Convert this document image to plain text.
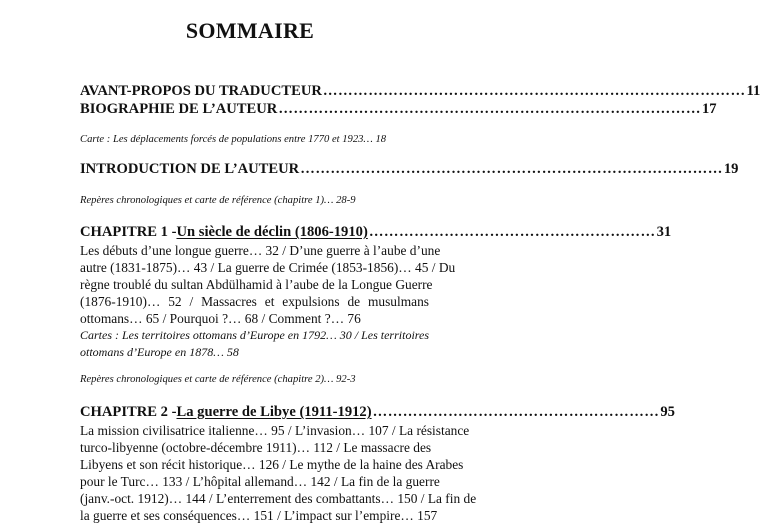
SOMMAIRE
AVANT-PROPOS DU TRADUCTEUR ………………………………………………………………………… 11
BIOGRAPHIE DE L’AUTEUR ………………………………………………………………………… 17
Carte : Les déplacements forcés de populations entre 1770 et 1923… 18
INTRODUCTION DE L’AUTEUR ………………………………………………………………………… 19
Repères chronologiques et carte de référence (chapitre 1)… 28-9
CHAPITRE 1 - Un siècle de déclin (1806-1910) ………………………………………………… 31
Les débuts d’une longue guerre… 32 / D’une guerre à l’aube d’une
autre (1831-1875)… 43 / La guerre de Crimée (1853-1856)… 45 / Du
règne troublé du sultan Abdülhamid à l’aube de la Longue Guerre
(1876-1910)… 52 / Massacres et expulsions de musulmans
ottomans… 65 / Pourquoi ?… 68 / Comment ?… 76
Cartes : Les territoires ottomans d’Europe en 1792… 30 / Les territoires
ottomans d’Europe en 1878… 58
Repères chronologiques et carte de référence (chapitre 2)… 92-3
CHAPITRE 2 - La guerre de Libye (1911-1912) ………………………………………………… 95
La mission civilisatrice italienne… 95 / L’invasion… 107 / La résistance
turco-libyenne (octobre-décembre 1911)… 112 / Le massacre des
Libyens et son récit historique… 126 / Le mythe de la haine des Arabes
pour le Turc… 133 / L’hôpital allemand… 142 / La fin de la guerre
(janv.-oct. 1912)… 144 / L’enterrement des combattants… 150 / La fin de
la guerre et ses conséquences… 151 / L’impact sur l’empire… 157
